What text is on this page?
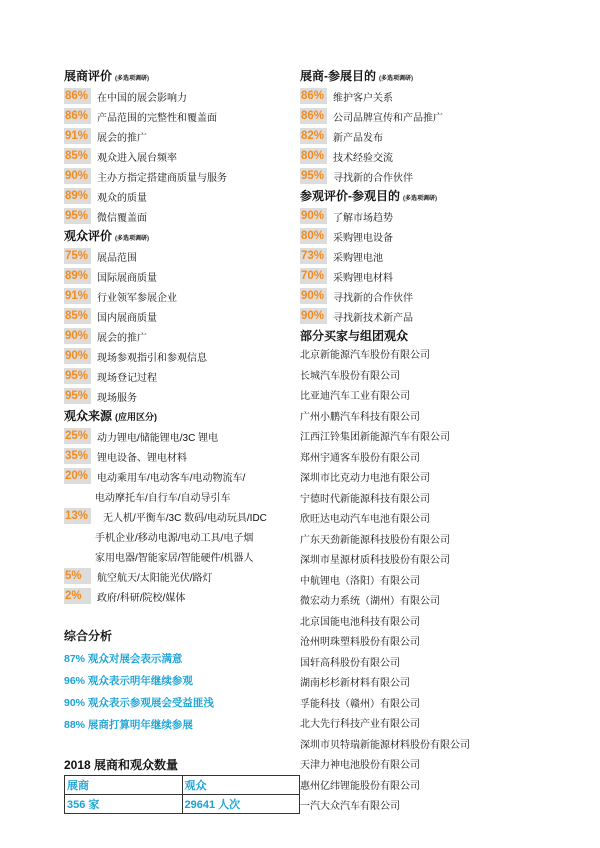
展商评价 (多选项调研)
86% 在中国的展会影响力
86% 产品范围的完整性和覆盖面
91% 展会的推广
85% 观众进入展台频率
90% 主办方指定搭建商质量与服务
89% 观众的质量
95% 微信覆盖面
观众评价 (多选项调研)
75% 展品范围
89% 国际展商质量
91% 行业领军参展企业
85% 国内展商质量
90% 展会的推广
90% 现场参观指引和参观信息
95% 现场登记过程
95% 现场服务
观众来源 (应用区分)
25% 动力锂电/储能锂电/3C 锂电
35% 锂电设备、锂电材料
20% 电动乘用车/电动客车/电动物流车/
电动摩托车/自行车/自动导引车
13% 无人机/平衡车/3C 数码/电动玩具/IDC
手机企业/移动电源/电动工具/电子烟
家用电器/智能家居/智能硬件/机器人
5%	航空航天/太阳能光伏/路灯
2%	政府/科研/院校/媒体
综合分析
87% 观众对展会表示满意
96% 观众表示明年继续参观
90% 观众表示参观展会受益匪浅
88% 展商打算明年继续参展
2018 展商和观众数量
展商	观众
356 家	29641 人次
展商-参展目的 (多选项调研)
86% 维护客户关系
86% 公司品牌宣传和产品推广
82% 新产品发布
80% 技术经验交流
95% 寻找新的合作伙伴
参观评价-参观目的 (多选项调研)
90% 了解市场趋势
80% 采购锂电设备
73% 采购锂电池
70% 采购锂电材料
90% 寻找新的合作伙伴
90% 寻找新技术新产品
部分买家与组团观众
北京新能源汽车股份有限公司
长城汽车股份有限公司
比亚迪汽车工业有限公司
广州小鹏汽车科技有限公司
江西江铃集团新能源汽车有限公司
郑州宇通客车股份有限公司
深圳市比克动力电池有限公司
宁德时代新能源科技有限公司
欣旺达电动汽车电池有限公司
广东天劲新能源科技股份有限公司
深圳市星源材质科技股份有限公司
中航锂电（洛阳）有限公司
微宏动力系统（湖州）有限公司
北京国能电池科技有限公司
沧州明珠塑料股份有限公司
国轩高科股份有限公司
湖南杉杉新材料有限公司
孚能科技（赣州）有限公司
北大先行科技产业有限公司
深圳市贝特瑞新能源材料股份有限公司
天津力神电池股份有限公司
惠州亿纬锂能股份有限公司
一汽大众汽车有限公司
